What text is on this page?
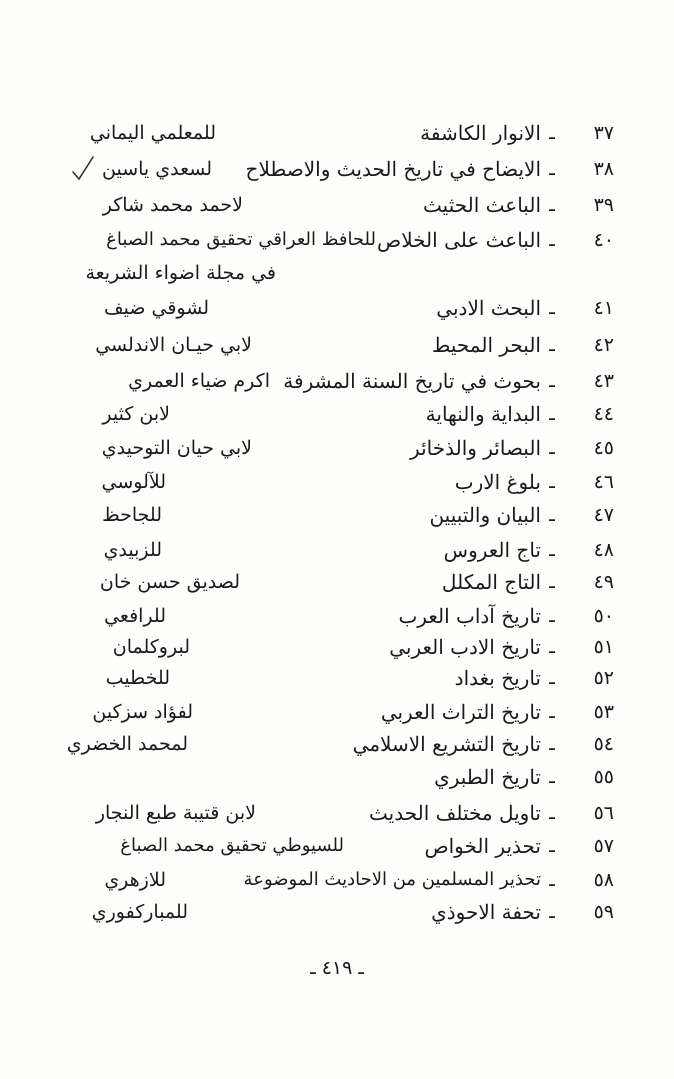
٣٧
ـ
الانوار الكاشفة
للمعلمي اليماني
٣٨
ـ
الايضاح في تاريخ الحديث والاصطلاح
لسعدي ياسين
٣٩
ـ
الباعث الحثيث
لاحمد محمد شاكر
٤٠
ـ
الباعث على الخلاص
للحافظ العراقي تحقيق محمد الصباغ
في مجلة اضواء الشريعة
٤١
ـ
البحث الادبي
لشوقي ضيف
٤٢
ـ
البحر المحيط
لابي حيـان الاندلسي
٤٣
ـ
بحوث في تاريخ السنة المشرفة
اكرم ضياء العمري
٤٤
ـ
البداية والنهاية
لابن كثير
٤٥
ـ
البصائر والذخائر
لابي حيان التوحيدي
٤٦
ـ
بلوغ الارب
للآلوسي
٤٧
ـ
البيان والتبيين
للجاحظ
٤٨
ـ
تاج العروس
للزبيدي
٤٩
ـ
التاج المكلل
لصديق حسن خان
٥٠
ـ
تاريخ آداب العرب
للرافعي
٥١
ـ
تاريخ الادب العربي
لبروكلمان
٥٢
ـ
تاريخ بغداد
للخطيب
٥٣
ـ
تاريخ التراث العربي
لفؤاد سزكين
٥٤
ـ
تاريخ التشريع الاسلامي
لمحمد الخضري
٥٥
ـ
تاريخ الطبري
٥٦
ـ
تاويل مختلف الحديث
لابن قتيبة طبع النجار
٥٧
ـ
تحذير الخواص
للسيوطي تحقيق محمد الصباغ
٥٨
ـ
تحذير المسلمين من الاحاديث الموضوعة
للازهري
٥٩
ـ
تحفة الاحوذي
للمباركفوري
ـ ٤١٩ ـ
